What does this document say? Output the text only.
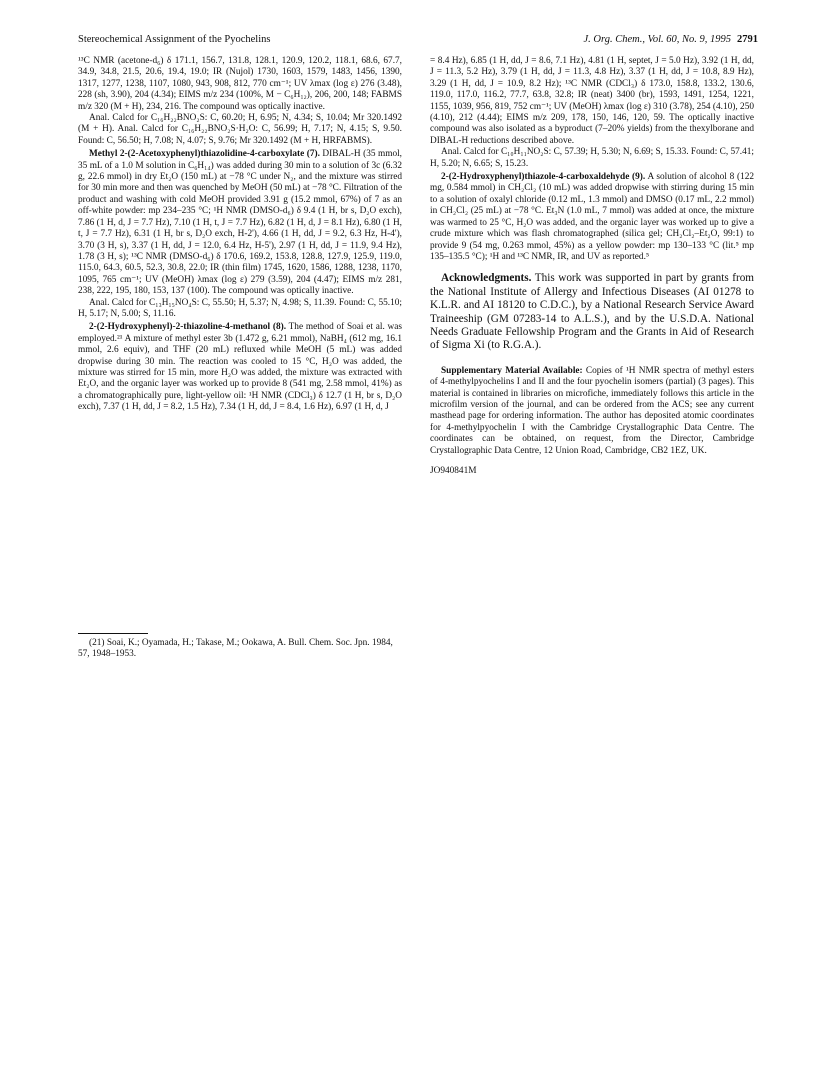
Stereochemical Assignment of the Pyochelins	J. Org. Chem., Vol. 60, No. 9, 1995 2791

¹³C NMR (acetone-d₆) δ 171.1, 156.7, 131.8, 128.1, 120.9, 120.2, 118.1, 68.6, 67.7, 34.9, 34.8, 21.5, 20.6, 19.4, 19.0; IR (Nujol) 1730, 1603, 1579, 1483, 1456, 1390, 1317, 1277, 1238, 1107, 1080, 943, 908, 812, 770 cm⁻¹; UV λmax (log ε) 276 (3.48), 228 (sh, 3.90), 204 (4.34); EIMS m/z 234 (100%, M − C₆H₁₂), 206, 200, 148; FABMS m/z 320 (M + H), 234, 216. The compound was optically inactive.

Anal. Calcd for C₁₆H₂₂BNO₂S: C, 60.20; H, 6.95; N, 4.34; S, 10.04; Mr 320.1492 (M + H). Anal. Calcd for C₁₆H₂₂BNO₂S·H₂O: C, 56.99; H, 7.17; N, 4.15; S, 9.50. Found: C, 56.50; H, 7.08; N, 4.07; S, 9.76; Mr 320.1492 (M + H, HRFABMS).

Methyl 2-(2-Acetoxyphenyl)thiazolidine-4-carboxylate (7). DIBAL-H (35 mmol, 35 mL of a 1.0 M solution in C₆H₁₄) was added during 30 min to a solution of 3c (6.32 g, 22.6 mmol) in dry Et₂O (150 mL) at −78 °C under N₂, and the mixture was stirred for 30 min more and then was quenched by MeOH (50 mL) at −78 °C. Filtration of the product and washing with cold MeOH provided 3.91 g (15.2 mmol, 67%) of 7 as an off-white powder: mp 234–235 °C; ¹H NMR (DMSO-d₆) δ 9.4 (1 H, br s, D₂O exch), 7.86 (1 H, d, J = 7.7 Hz), 7.10 (1 H, t, J = 7.7 Hz), 6.82 (1 H, d, J = 8.1 Hz), 6.80 (1 H, t, J = 7.7 Hz), 6.31 (1 H, br s, D₂O exch, H-2'), 4.66 (1 H, dd, J = 9.2, 6.3 Hz, H-4'), 3.70 (3 H, s), 3.37 (1 H, dd, J = 12.0, 6.4 Hz, H-5'), 2.97 (1 H, dd, J = 11.9, 9.4 Hz), 1.78 (3 H, s); ¹³C NMR (DMSO-d₆) δ 170.6, 169.2, 153.8, 128.8, 127.9, 125.9, 119.0, 115.0, 64.3, 60.5, 52.3, 30.8, 22.0; IR (thin film) 1745, 1620, 1586, 1288, 1238, 1170, 1095, 765 cm⁻¹; UV (MeOH) λmax (log ε) 279 (3.59), 204 (4.47); EIMS m/z 281, 238, 222, 195, 180, 153, 137 (100). The compound was optically inactive.

Anal. Calcd for C₁₃H₁₅NO₄S: C, 55.50; H, 5.37; N, 4.98; S, 11.39. Found: C, 55.10; H, 5.17; N, 5.00; S, 11.16.

2-(2-Hydroxyphenyl)-2-thiazoline-4-methanol (8). The method of Soai et al. was employed.²¹ A mixture of methyl ester 3b (1.472 g, 6.21 mmol), NaBH₄ (612 mg, 16.1 mmol, 2.6 equiv), and THF (20 mL) refluxed while MeOH (5 mL) was added dropwise during 30 min. The reaction was cooled to 15 °C, H₂O was added, the mixture was stirred for 15 min, more H₂O was added, the mixture was extracted with Et₂O, and the organic layer was worked up to provide 8 (541 mg, 2.58 mmol, 41%) as a chromatographically pure, light-yellow oil: ¹H NMR (CDCl₃) δ 12.7 (1 H, br s, D₂O exch), 7.37 (1 H, dd, J = 8.2, 1.5 Hz), 7.34 (1 H, dd, J = 8.4, 1.6 Hz), 6.97 (1 H, d, J

(21) Soai, K.; Oyamada, H.; Takase, M.; Ookawa, A. Bull. Chem. Soc. Jpn. 1984, 57, 1948–1953.

= 8.4 Hz), 6.85 (1 H, dd, J = 8.6, 7.1 Hz), 4.81 (1 H, septet, J = 5.0 Hz), 3.92 (1 H, dd, J = 11.3, 5.2 Hz), 3.79 (1 H, dd, J = 11.3, 4.8 Hz), 3.37 (1 H, dd, J = 10.8, 8.9 Hz), 3.29 (1 H, dd, J = 10.9, 8.2 Hz); ¹³C NMR (CDCl₃) δ 173.0, 158.8, 133.2, 130.6, 119.0, 117.0, 116.2, 77.7, 63.8, 32.8; IR (neat) 3400 (br), 1593, 1491, 1254, 1221, 1155, 1039, 956, 819, 752 cm⁻¹; UV (MeOH) λmax (log ε) 310 (3.78), 254 (4.10), 250 (4.10), 212 (4.44); EIMS m/z 209, 178, 150, 146, 120, 59. The optically inactive compound was also isolated as a byproduct (7–20% yields) from the thexylborane and DIBAL-H reductions described above.

Anal. Calcd for C₁₀H₁₁NO₂S: C, 57.39; H, 5.30; N, 6.69; S, 15.33. Found: C, 57.41; H, 5.20; N, 6.65; S, 15.23.

2-(2-Hydroxyphenyl)thiazole-4-carboxaldehyde (9). A solution of alcohol 8 (122 mg, 0.584 mmol) in CH₂Cl₂ (10 mL) was added dropwise with stirring during 15 min to a solution of oxalyl chloride (0.12 mL, 1.3 mmol) and DMSO (0.17 mL, 2.2 mmol) in CH₂Cl₂ (25 mL) at −78 °C. Et₃N (1.0 mL, 7 mmol) was added at once, the mixture was warmed to 25 °C, H₂O was added, and the organic layer was worked up to give a crude mixture which was flash chromatographed (silica gel; CH₂Cl₂–Et₂O, 99:1) to provide 9 (54 mg, 0.263 mmol, 45%) as a yellow powder: mp 130–133 °C (lit.⁵ mp 135–135.5 °C); ¹H and ¹³C NMR, IR, and UV as reported.⁵

Acknowledgments. This work was supported in part by grants from the National Institute of Allergy and Infectious Diseases (AI 01278 to K.L.R. and AI 18120 to C.D.C.), by a National Research Service Award Traineeship (GM 07283-14 to A.L.S.), and by the U.S.D.A. National Needs Graduate Fellowship Program and the Grants in Aid of Research of Sigma Xi (to R.G.A.).

Supplementary Material Available: Copies of ¹H NMR spectra of methyl esters of 4-methylpyochelins I and II and the four pyochelin isomers (partial) (3 pages). This material is contained in libraries on microfiche, immediately follows this article in the microfilm version of the journal, and can be ordered from the ACS; see any current masthead page for ordering information. The author has deposited atomic coordinates for 4-methylpyochelin I with the Cambridge Crystallographic Data Centre. The coordinates can be obtained, on request, from the Director, Cambridge Crystallographic Data Centre, 12 Union Road, Cambridge, CB2 1EZ, UK.

JO940841M
